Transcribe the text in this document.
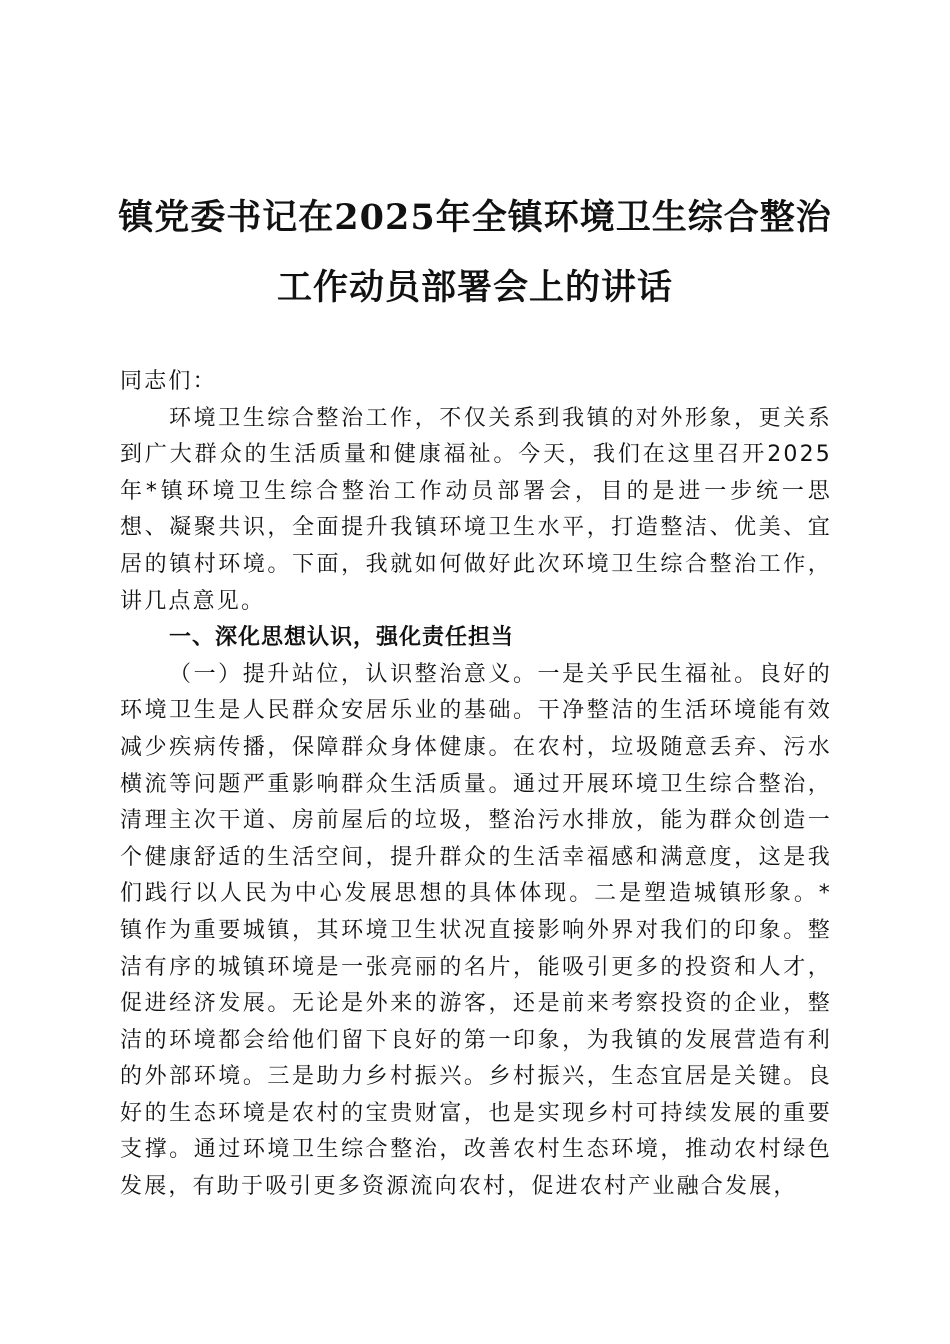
镇党委书记在2025年全镇环境卫生综合整治
工作动员部署会上的讲话

同志们：

环境卫生综合整治工作，不仅关系到我镇的对外形象，更关系到广大群众的生活质量和健康福祉。今天，我们在这里召开2025年*镇环境卫生综合整治工作动员部署会，目的是进一步统一思想、凝聚共识，全面提升我镇环境卫生水平，打造整洁、优美、宜居的镇村环境。下面，我就如何做好此次环境卫生综合整治工作，讲几点意见。

一、深化思想认识，强化责任担当

（一）提升站位，认识整治意义。一是关乎民生福祉。良好的环境卫生是人民群众安居乐业的基础。干净整洁的生活环境能有效减少疾病传播，保障群众身体健康。在农村，垃圾随意丢弃、污水横流等问题严重影响群众生活质量。通过开展环境卫生综合整治，清理主次干道、房前屋后的垃圾，整治污水排放，能为群众创造一个健康舒适的生活空间，提升群众的生活幸福感和满意度，这是我们践行以人民为中心发展思想的具体体现。二是塑造城镇形象。*镇作为重要城镇，其环境卫生状况直接影响外界对我们的印象。整洁有序的城镇环境是一张亮丽的名片，能吸引更多的投资和人才，促进经济发展。无论是外来的游客，还是前来考察投资的企业，整洁的环境都会给他们留下良好的第一印象，为我镇的发展营造有利的外部环境。三是助力乡村振兴。乡村振兴，生态宜居是关键。良好的生态环境是农村的宝贵财富，也是实现乡村可持续发展的重要支撑。通过环境卫生综合整治，改善农村生态环境，推动农村绿色发展，有助于吸引更多资源流向农村，促进农村产业融合发展，
